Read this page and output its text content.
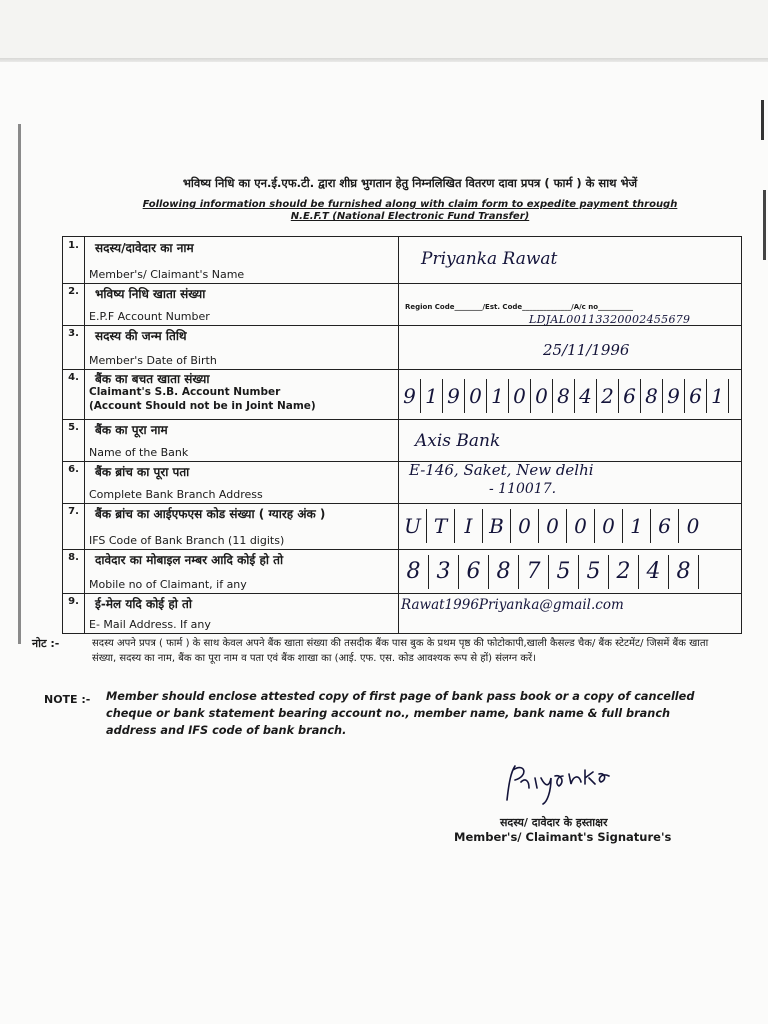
भविष्य निधि का एन.ई.एफ.टी. द्वारा शीघ्र भुगतान हेतु निम्नलिखित वितरण दावा प्रपत्र ( फार्म ) के साथ भेजें
Following information should be furnished along with claim form to expedite payment through
N.E.F.T (National Electronic Fund Transfer)
1.	सदस्य/दावेदार का नाम
Member's/ Claimant's Name
Priyanka Rawat
2.	भविष्य निधि खाता संख्या
E.P.F Account Number
Region Code________/Est. Code______________/A/c no__________
LDJAL00113320002455679
3.	सदस्य की जन्म तिथि
Member's Date of Birth
25/11/1996
4.	बैंक का बचत खाता संख्या
Claimant's S.B. Account Number
(Account Should not be in Joint Name)	9 1 9 0 1 0 0 8 4 2 6 8 9 6 1
5.	बैंक का पूरा नाम
Name of the Bank
Axis Bank
6.	बैंक ब्रांच का पूरा पता
Complete Bank Branch Address
E-146, Saket, New delhi
- 110017.
7.	बैंक ब्रांच का आईएफएस कोड संख्या ( ग्यारह अंक )
IFS Code of Bank Branch (11 digits)
U T I B 0 0 0 0 1 6 0
8.	दावेदार का मोबाइल नम्बर आदि कोई हो तो
Mobile no of Claimant, if any
8 3 6 8 7 5 5 2 4 8
9.	ई-मेल यदि कोई हो तो
E- Mail Address. If any
Rawat1996Priyanka@gmail.com
नोट :-	सदस्य अपने प्रपत्र ( फार्म ) के साथ केवल अपने बैंक खाता संख्या की तसदीक बैंक पास बुक के प्रथम पृष्ठ की फोटोकापी,खाली कैसल्ड चैक/ बैंक स्टेटमेंट/ जिसमें बैंक खाता संख्या, सदस्य का नाम, बैंक का पूरा नाम व पता एवं बैंक शाखा का (आई. एफ. एस. कोड आवश्यक रूप से हों) संलग्न करें।
NOTE :- Member should enclose attested copy of first page of bank pass book or a copy of cancelled cheque or bank statement bearing account no., member name, bank name & full branch address and IFS code of bank branch.
सदस्य/ दावेदार के हस्ताक्षर
Member's/ Claimant's Signature's
